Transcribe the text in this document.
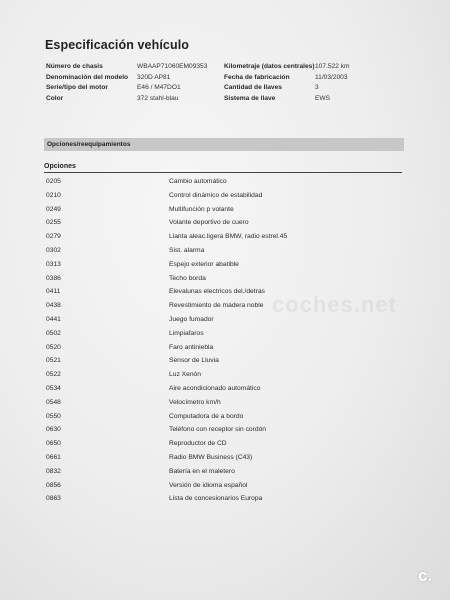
Especificación vehículo
Número de chasis	WBAAP71060EM09353
Denominación del modelo	320D AP81
Serie/tipo del motor	E46 / M47DO1
Color	372 stahl-blau
Kilometraje (datos centrales) 107.522 km
Fecha de fabricación	11/03/2003
Cantidad de llaves	3
Sistema de llave	EWS
Opciones/reequipamientos
Opciones
0205	Cambio automático
0210	Control dinámico de estabilidad
0249	Multifunción p volante
0255	Volante deportivo de cuero
0279	Llanta aleac.ligera BMW, radio estrel.45
0302	Sist. alarma
0313	Espejo exterior abatible
0386	Techo borda
0411	Elevalunas electricos del./detras
0438	Revestimiento de madera noble
0441	Juego fumador
0502	Limpiafaros
0520	Faro antiniebla
0521	Sensor de Lluvia
0522	Luz Xenón
0534	Aire acondicionado automático
0548	Velocímetro km/h
0550	Computadora de a bordo
0630	Teléfono con receptor sin cordón
0650	Reproductor de CD
0661	Radio BMW Business (C43)
0832	Batería en el maletero
0856	Versión de idioma español
0863	Lista de concesionarios Europa
coches.net
c.
